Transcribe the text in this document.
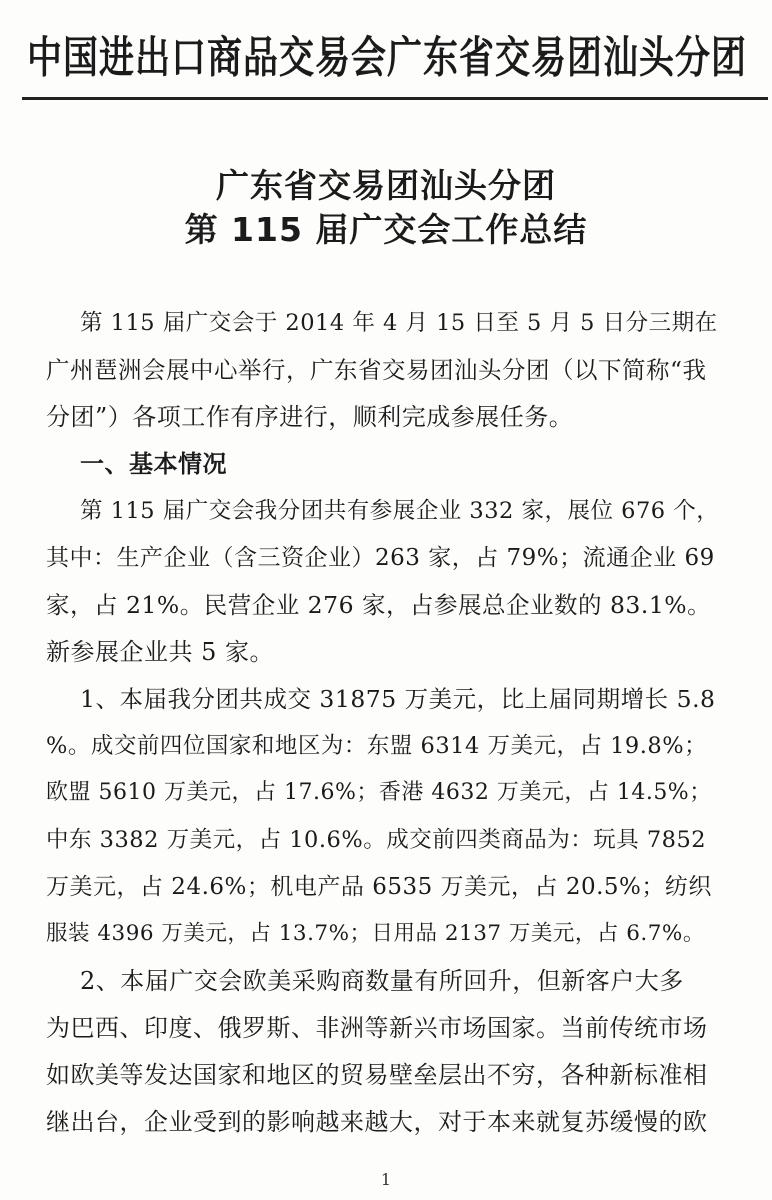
中国进出口商品交易会广东省交易团汕头分团
广东省交易团汕头分团
第 115 届广交会工作总结
第 115 届广交会于 2014 年 4 月 15 日至 5 月 5 日分三期在
广州琶洲会展中心举行，广东省交易团汕头分团（以下简称“我
分团”）各项工作有序进行，顺利完成参展任务。
一、基本情况
第 115 届广交会我分团共有参展企业 332 家，展位 676 个，
其中：生产企业（含三资企业）263 家，占 79%；流通企业 69
家，占 21%。民营企业 276 家，占参展总企业数的 83.1%。
新参展企业共 5 家。
1、本届我分团共成交 31875 万美元，比上届同期增长 5.8
%。成交前四位国家和地区为：东盟 6314 万美元，占 19.8%；
欧盟 5610 万美元，占 17.6%；香港 4632 万美元，占 14.5%；
中东 3382 万美元，占 10.6%。成交前四类商品为：玩具 7852
万美元，占 24.6%；机电产品 6535 万美元，占 20.5%；纺织
服装 4396 万美元，占 13.7%；日用品 2137 万美元，占 6.7%。
2、本届广交会欧美采购商数量有所回升，但新客户大多
为巴西、印度、俄罗斯、非洲等新兴市场国家。当前传统市场
如欧美等发达国家和地区的贸易壁垒层出不穷，各种新标准相
继出台，企业受到的影响越来越大，对于本来就复苏缓慢的欧
1
